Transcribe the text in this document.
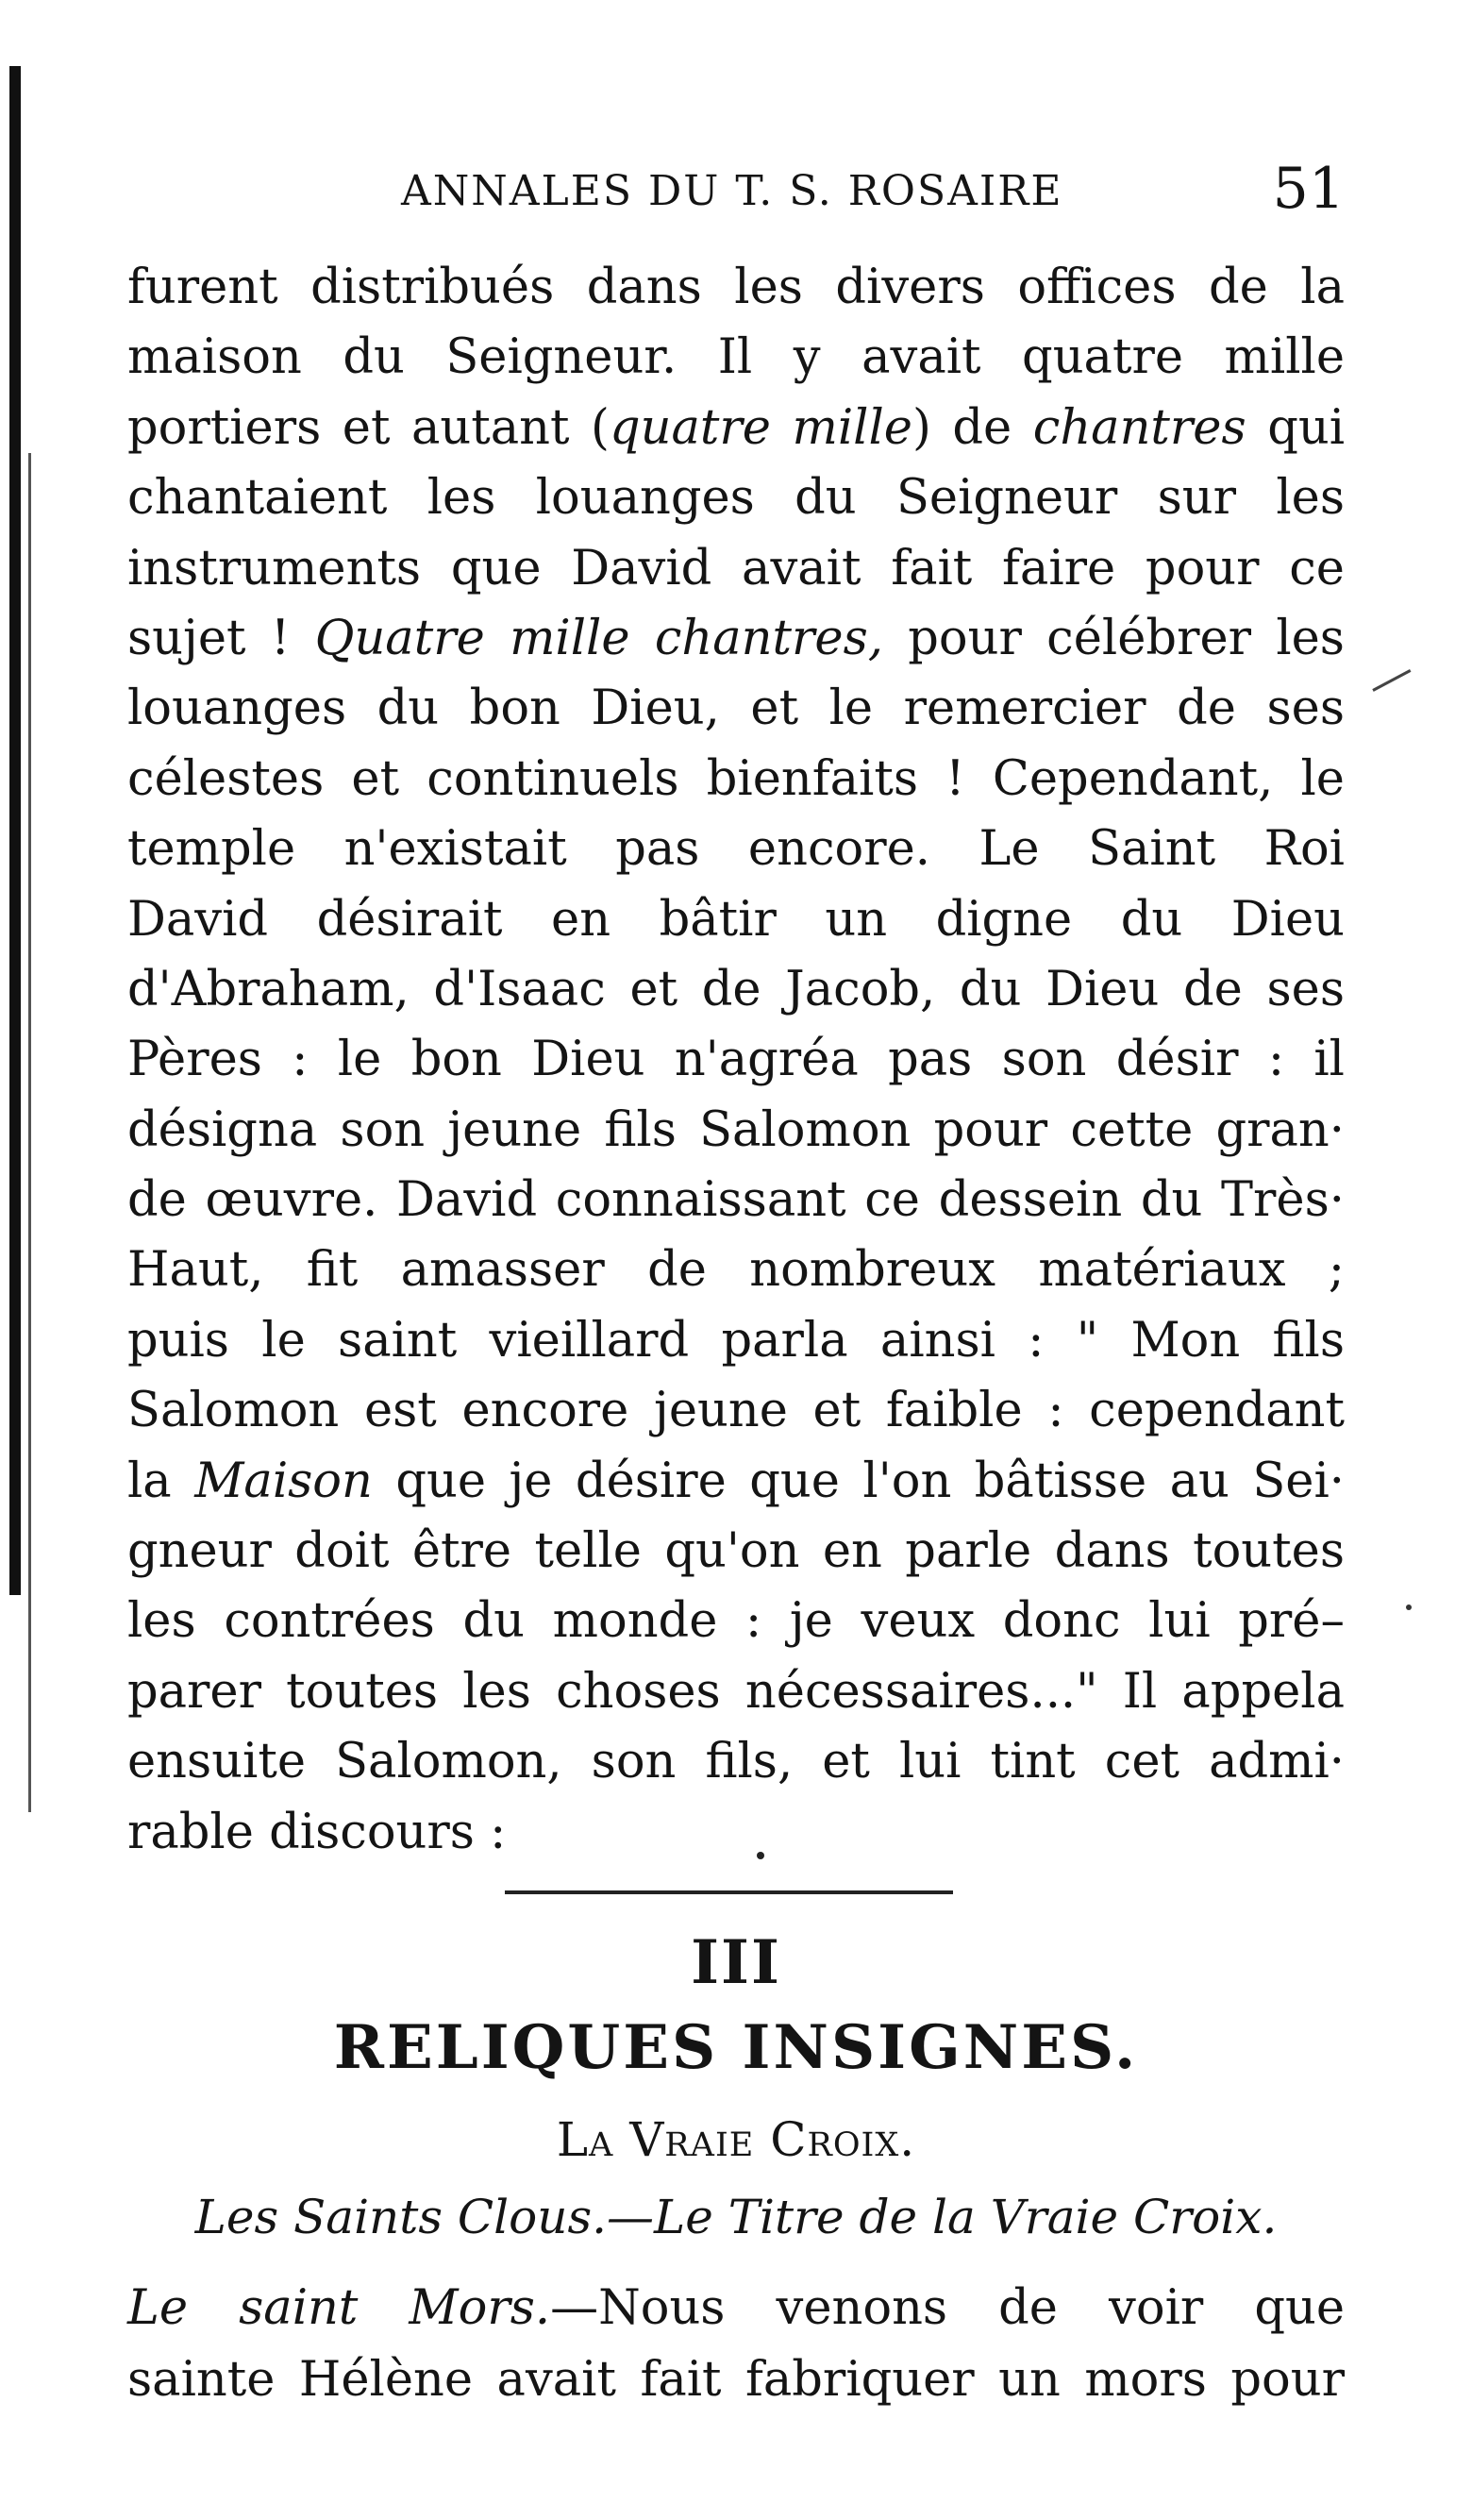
ANNALES DU T. S. ROSAIRE	51
furent distribués dans les divers offices de la
maison du Seigneur. Il y avait quatre mille
portiers et autant (quatre mille) de chantres qui
chantaient les louanges du Seigneur sur les
instruments que David avait fait faire pour ce
sujet ! Quatre mille chantres, pour célébrer les
louanges du bon Dieu, et le remercier de ses
célestes et continuels bienfaits ! Cependant, le
temple n'existait pas encore. Le Saint Roi
David désirait en bâtir un digne du Dieu
d'Abraham, d'Isaac et de Jacob, du Dieu de ses
Pères : le bon Dieu n'agréa pas son désir : il
désigna son jeune fils Salomon pour cette gran·
de œuvre. David connaissant ce dessein du Très·
Haut, fit amasser de nombreux matériaux ;
puis le saint vieillard parla ainsi : " Mon fils
Salomon est encore jeune et faible : cependant
la Maison que je désire que l'on bâtisse au Sei·
gneur doit être telle qu'on en parle dans toutes
les contrées du monde : je veux donc lui pré–
parer toutes les choses nécessaires..." Il appela
ensuite Salomon, son fils, et lui tint cet admi·
rable discours :
III
RELIQUES INSIGNES.
La Vraie Croix.
Les Saints Clous.—Le Titre de la Vraie Croix.
Le saint Mors.—Nous venons de voir que
sainte Hélène avait fait fabriquer un mors pour
